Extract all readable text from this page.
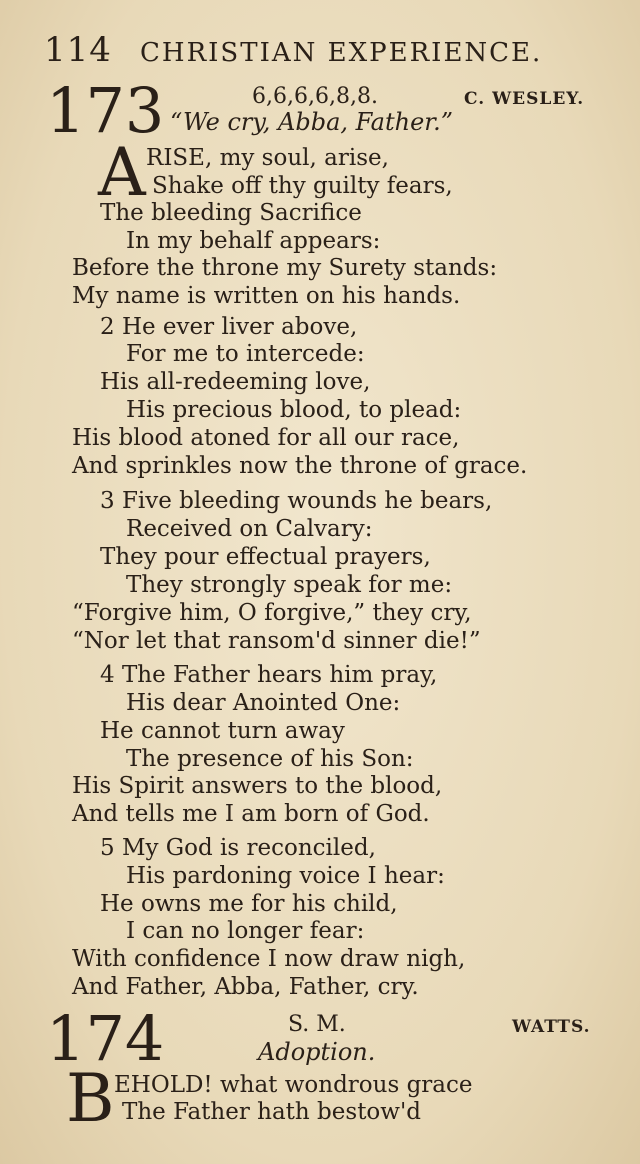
114 CHRISTIAN EXPERIENCE.
173	6,6,6,6,8,8.	C. WESLEY.
“We cry, Abba, Father.”
A RISE, my soul, arise,
Shake off thy guilty fears,
The bleeding Sacrifice
In my behalf appears:
Before the throne my Surety stands:
My name is written on his hands.
2 He ever liver above,
For me to intercede:
His all-redeeming love,
His precious blood, to plead:
His blood atoned for all our race,
And sprinkles now the throne of grace.
3 Five bleeding wounds he bears,
Received on Calvary:
They pour effectual prayers,
They strongly speak for me:
“Forgive him, O forgive,” they cry,
“Nor let that ransom'd sinner die!”
4 The Father hears him pray,
His dear Anointed One:
He cannot turn away
The presence of his Son:
His Spirit answers to the blood,
And tells me I am born of God.
5 My God is reconciled,
His pardoning voice I hear:
He owns me for his child,
I can no longer fear:
With confidence I now draw nigh,
And Father, Abba, Father, cry.
174	S. M.	WATTS.
Adoption.
B EHOLD! what wondrous grace
The Father hath bestow'd
